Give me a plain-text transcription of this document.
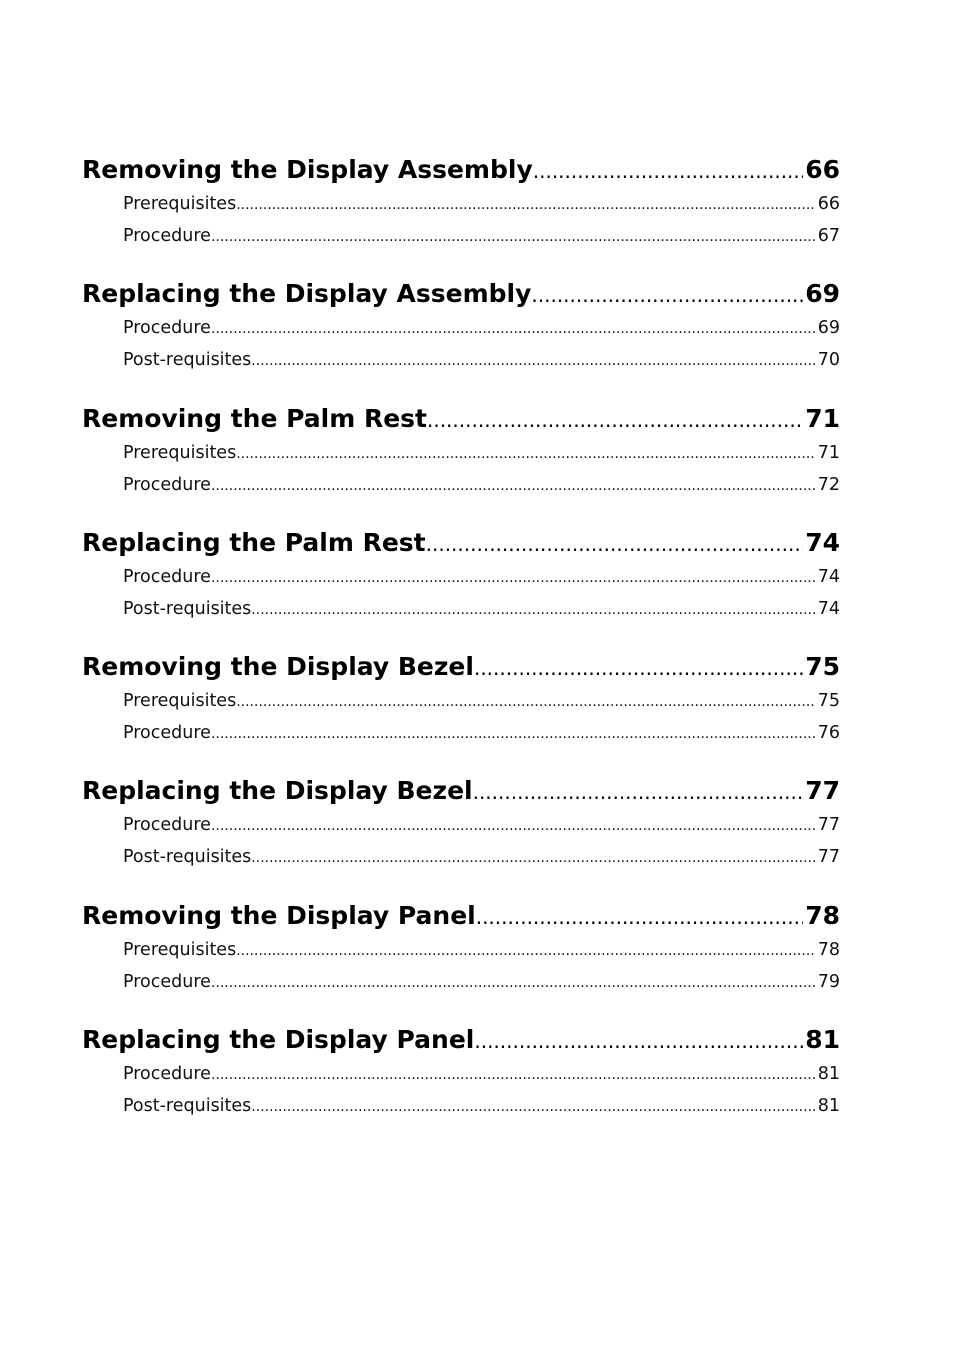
Removing the Display Assembly .....	66
Prerequisites .....	66
Procedure .....	67
Replacing the Display Assembly .....	69
Procedure .....	69
Post-requisites .....	70
Removing the Palm Rest .....	71
Prerequisites .....	71
Procedure .....	72
Replacing the Palm Rest .....	74
Procedure .....	74
Post-requisites .....	74
Removing the Display Bezel .....	75
Prerequisites .....	75
Procedure .....	76
Replacing the Display Bezel .....	77
Procedure .....	77
Post-requisites .....	77
Removing the Display Panel .....	78
Prerequisites .....	78
Procedure .....	79
Replacing the Display Panel .....	81
Procedure .....	81
Post-requisites .....	81
